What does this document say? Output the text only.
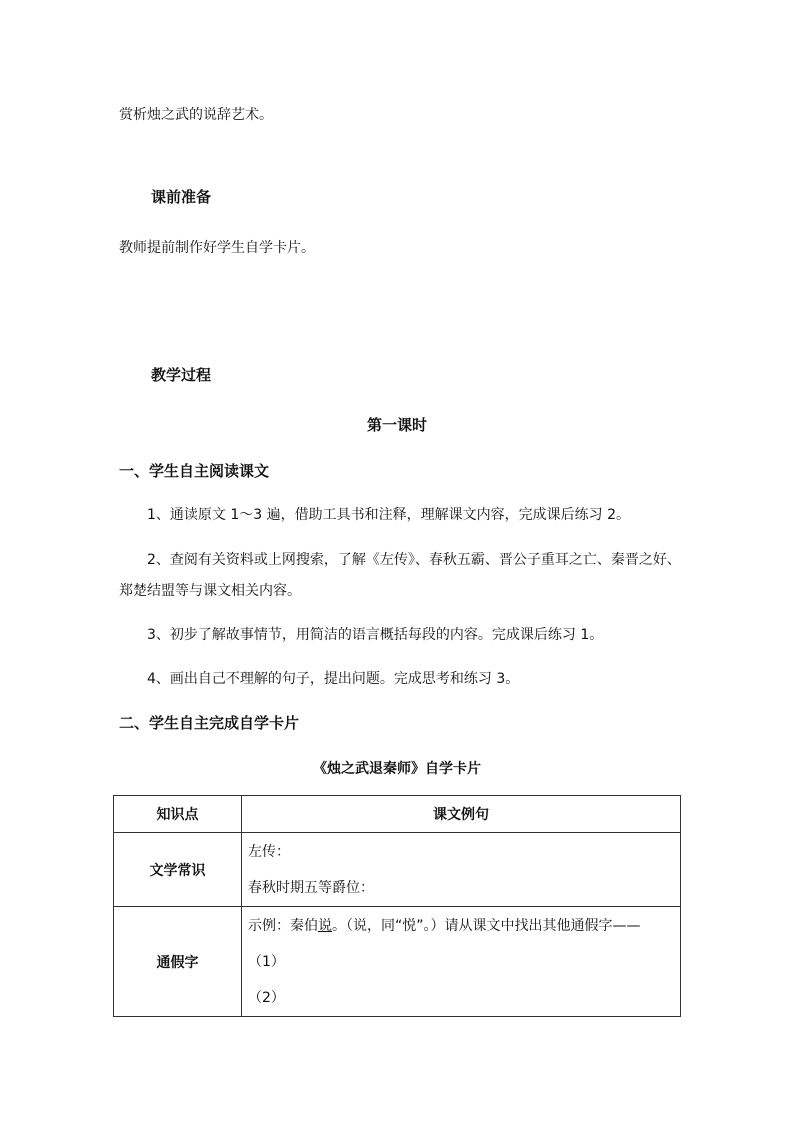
赏析烛之武的说辞艺术。
课前准备
教师提前制作好学生自学卡片。
教学过程
第一课时
一、学生自主阅读课文
1、通读原文 1～3 遍，借助工具书和注释，理解课文内容，完成课后练习 2。
2、查阅有关资料或上网搜索，了解《左传》、春秋五霸、晋公子重耳之亡、秦晋之好、
郑楚结盟等与课文相关内容。
3、初步了解故事情节，用简洁的语言概括每段的内容。完成课后练习 1。
4、画出自己不理解的句子，提出问题。完成思考和练习 3。
二、学生自主完成自学卡片
《烛之武退秦师》自学卡片
知识点	课文例句
文学常识	左传：
春秋时期五等爵位：

通假字	示例：秦伯说。（说，同“悦”。）请从课文中找出其他通假字——
（1）
（2）
